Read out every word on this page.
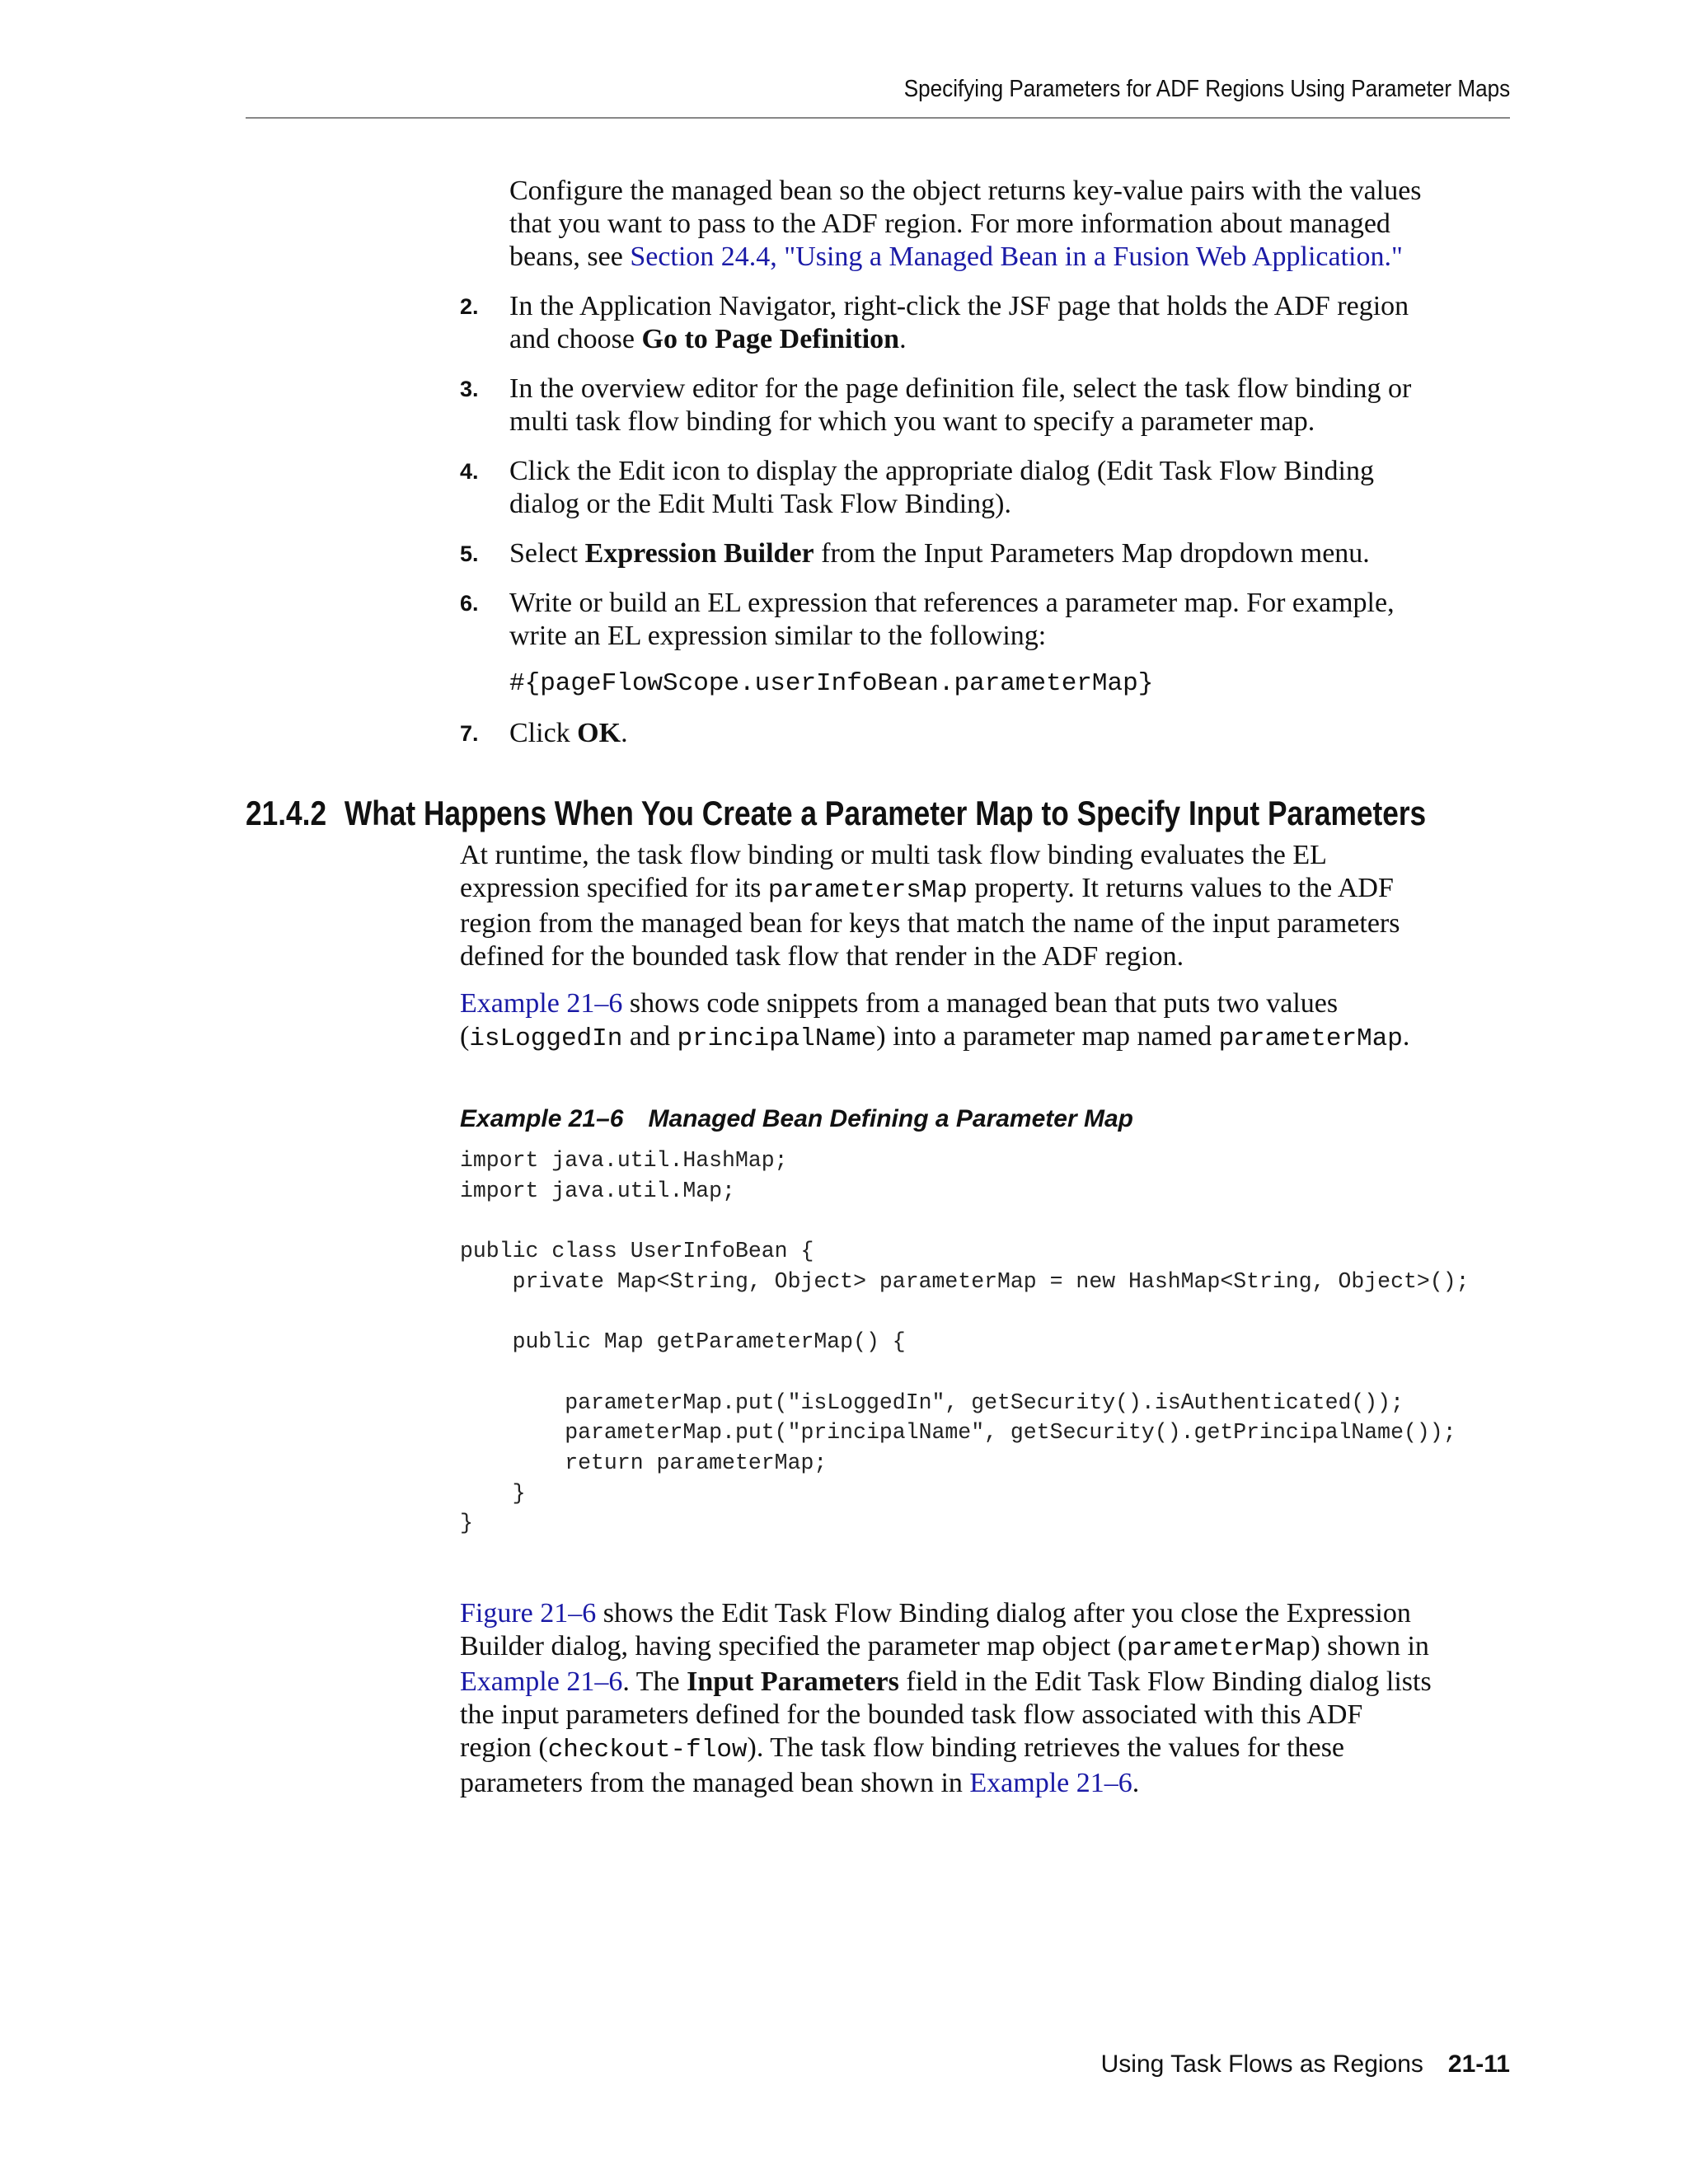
Specifying Parameters for ADF Regions Using Parameter Maps

Configure the managed bean so the object returns key-value pairs with the values

that you want to pass to the ADF region. For more information about managed

beans, see Section 24.4, "Using a Managed Bean in a Fusion Web Application."

2. In the Application Navigator, right-click the JSF page that holds the ADF region
and choose Go to Page Definition.
3. In the overview editor for the page definition file, select the task flow binding or
multi task flow binding for which you want to specify a parameter map.
4. Click the Edit icon to display the appropriate dialog (Edit Task Flow Binding
dialog or the Edit Multi Task Flow Binding).
5. Select Expression Builder from the Input Parameters Map dropdown menu.
6. Write or build an EL expression that references a parameter map. For example,
write an EL expression similar to the following:
#{pageFlowScope.userInfoBean.parameterMap}
7. Click OK.
21.4.2 What Happens When You Create a Parameter Map to Specify Input Parameters
At runtime, the task flow binding or multi task flow binding evaluates the EL
expression specified for its parametersMap property. It returns values to the ADF
region from the managed bean for keys that match the name of the input parameters
defined for the bounded task flow that render in the ADF region.
Example 21–6 shows code snippets from a managed bean that puts two values
(isLoggedIn and principalName) into a parameter map named parameterMap.
Example 21–6 Managed Bean Defining a Parameter Map
import java.util.HashMap;
import java.util.Map;

public class UserInfoBean {
private Map<String, Object> parameterMap = new HashMap<String, Object>();

public Map getParameterMap() {

parameterMap.put("isLoggedIn", getSecurity().isAuthenticated());
parameterMap.put("principalName", getSecurity().getPrincipalName());
return parameterMap;
}
}
Figure 21–6 shows the Edit Task Flow Binding dialog after you close the Expression
Builder dialog, having specified the parameter map object (parameterMap) shown in
Example 21–6. The Input Parameters field in the Edit Task Flow Binding dialog lists
the input parameters defined for the bounded task flow associated with this ADF
region (checkout-flow). The task flow binding retrieves the values for these
parameters from the managed bean shown in Example 21–6.
Using Task Flows as Regions 21-11
